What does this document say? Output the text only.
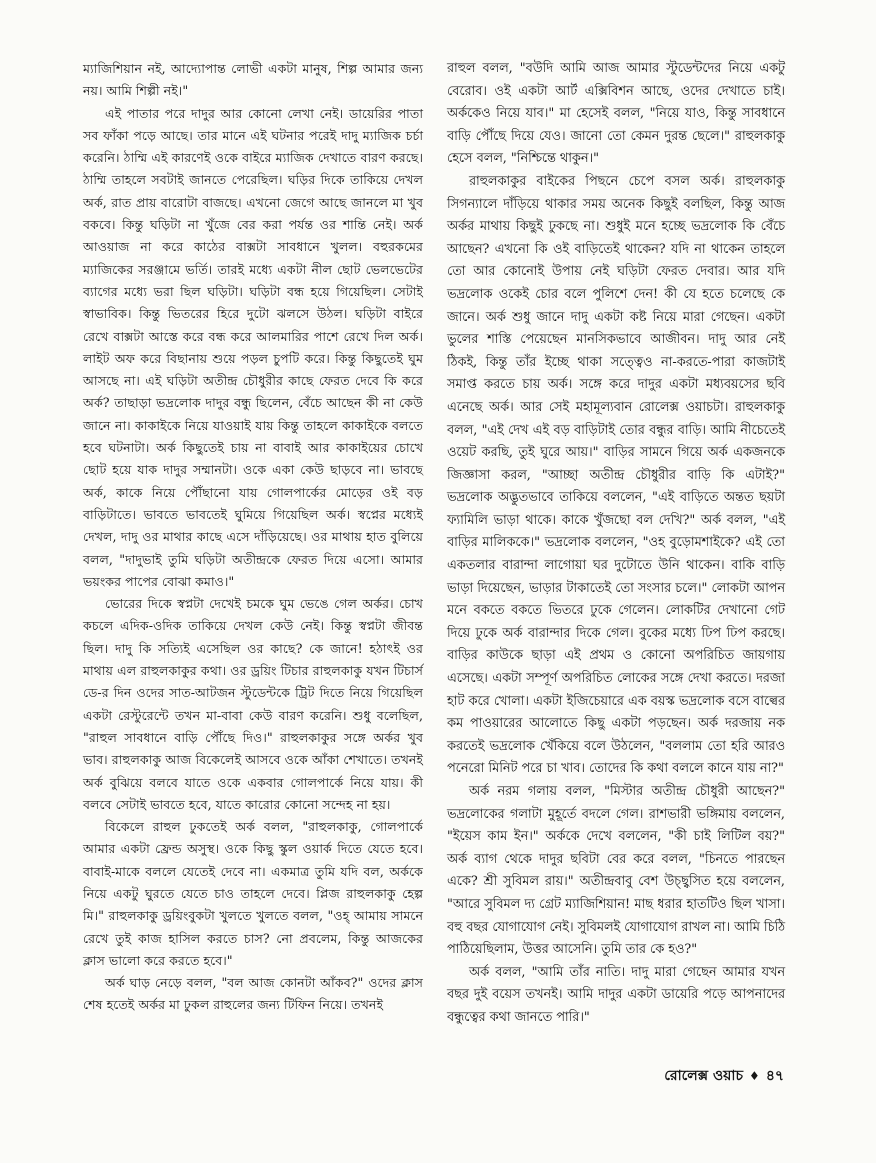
ম্যাজিশিয়ান নই, আদ্যোপান্ত লোভী একটা মানুষ, শিল্প আমার জন্য নয়। আমি শিল্পী নই।"

এই পাতার পরে দাদুর আর কোনো লেখা নেই। ডায়েরির পাতা সব ফাঁকা পড়ে আছে। তার মানে এই ঘটনার পরেই দাদু ম্যাজিক চর্চা করেনি। ঠাম্মি এই কারণেই ওকে বাইরে ম্যাজিক দেখাতে বারণ করছে। ঠাম্মি তাহলে সবটাই জানতে পেরেছিল। ঘড়ির দিকে তাকিয়ে দেখল অর্ক, রাত প্রায় বারোটা বাজছে। এখনো জেগে আছে জানলে মা খুব বকবে। কিন্তু ঘড়িটা না খুঁজে বের করা পর্যন্ত ওর শান্তি নেই। অর্ক আওয়াজ না করে কাঠের বাক্সটা সাবধানে খুলল। বহুরকমের ম্যাজিকের সরঞ্জামে ভর্তি। তারই মধ্যে একটা নীল ছোট ভেলভেটের ব্যাগের মধ্যে ভরা ছিল ঘড়িটা। ঘড়িটা বন্ধ হয়ে গিয়েছিল। সেটাই স্বাভাবিক। কিন্তু ভিতরের হিরে দুটো ঝলসে উঠল। ঘড়িটা বাইরে রেখে বাক্সটা আস্তে করে বন্ধ করে আলমারির পাশে রেখে দিল অর্ক। লাইট অফ করে বিছানায় শুয়ে পড়ল চুপটি করে। কিন্তু কিছুতেই ঘুম আসছে না। এই ঘড়িটা অতীন্দ্র চৌধুরীর কাছে ফেরত দেবে কি করে অর্ক? তাছাড়া ভদ্রলোক দাদুর বন্ধু ছিলেন, বেঁচে আছেন কী না কেউ জানে না। কাকাইকে নিয়ে যাওয়াই যায় কিন্তু তাহলে কাকাইকে বলতে হবে ঘটনাটা। অর্ক কিছুতেই চায় না বাবাই আর কাকাইয়ের চোখে ছোট হয়ে যাক দাদুর সম্মানটা। ওকে একা কেউ ছাড়বে না। ভাবছে অর্ক, কাকে নিয়ে পৌঁছানো যায় গোলপার্কের মোড়ের ওই বড় বাড়িটাতে। ভাবতে ভাবতেই ঘুমিয়ে গিয়েছিল অর্ক। স্বপ্নের মধ্যেই দেখল, দাদু ওর মাথার কাছে এসে দাঁড়িয়েছে। ওর মাথায় হাত বুলিয়ে বলল, "দাদুভাই তুমি ঘড়িটা অতীন্দ্রকে ফেরত দিয়ে এসো। আমার ভয়ংকর পাপের বোঝা কমাও।"

ভোরের দিকে স্বপ্নটা দেখেই চমকে ঘুম ভেঙে গেল অর্কর। চোখ কচলে এদিক-ওদিক তাকিয়ে দেখল কেউ নেই। কিন্তু স্বপ্নটা জীবন্ত ছিল। দাদু কি সত্যিই এসেছিল ওর কাছে? কে জানে! হঠাৎই ওর মাথায় এল রাহুলকাকুর কথা। ওর ড্রয়িং টিচার রাহুলকাকু যখন টিচার্স ডে-র দিন ওদের সাত-আটজন স্টুডেন্টকে ট্রিট দিতে নিয়ে গিয়েছিল একটা রেস্টুরেন্টে তখন মা-বাবা কেউ বারণ করেনি। শুধু বলেছিল, "রাহুল সাবধানে বাড়ি পৌঁছে দিও।" রাহুলকাকুর সঙ্গে অর্কর খুব ভাব। রাহুলকাকু আজ বিকেলেই আসবে ওকে আঁকা শেখাতে। তখনই অর্ক বুঝিয়ে বলবে যাতে ওকে একবার গোলপার্কে নিয়ে যায়। কী বলবে সেটাই ভাবতে হবে, যাতে কারোর কোনো সন্দেহ না হয়।

বিকেলে রাহুল ঢুকতেই অর্ক বলল, "রাহুলকাকু, গোলপার্কে আমার একটা ফ্রেন্ড অসুস্থ। ওকে কিছু স্কুল ওয়ার্ক দিতে যেতে হবে। বাবাই-মাকে বললে যেতেই দেবে না। একমাত্র তুমি যদি বল, অর্ককে নিয়ে একটু ঘুরতে যেতে চাও তাহলে দেবে। প্লিজ রাহুলকাকু হেল্প মি।" রাহুলকাকু ড্রয়িংবুকটা খুলতে খুলতে বলল, "ওহ্‌ আমায় সামনে রেখে তুই কাজ হাসিল করতে চাস? নো প্রবলেম, কিন্তু আজকের ক্লাস ভালো করে করতে হবে।"

অর্ক ঘাড় নেড়ে বলল, "বল আজ কোনটা আঁকব?" ওদের ক্লাস শেষ হতেই অর্কর মা ঢুকল রাহুলের জন্য টিফিন নিয়ে। তখনই

রাহুল বলল, "বউদি আমি আজ আমার স্টুডেন্টদের নিয়ে একটু বেরোব। ওই একটা আর্ট এক্সিবিশন আছে, ওদের দেখাতে চাই। অর্ককেও নিয়ে যাব।" মা হেসেই বলল, "নিয়ে যাও, কিন্তু সাবধানে বাড়ি পৌঁছে দিয়ে যেও। জানো তো কেমন দুরন্ত ছেলে।" রাহুলকাকু হেসে বলল, "নিশ্চিন্তে থাকুন।"

রাহুলকাকুর বাইকের পিছনে চেপে বসল অর্ক। রাহুলকাকু সিগন্যালে দাঁড়িয়ে থাকার সময় অনেক কিছুই বলছিল, কিন্তু আজ অর্কর মাথায় কিছুই ঢুকছে না। শুধুই মনে হচ্ছে ভদ্রলোক কি বেঁচে আছেন? এখনো কি ওই বাড়িতেই থাকেন? যদি না থাকেন তাহলে তো আর কোনোই উপায় নেই ঘড়িটা ফেরত দেবার। আর যদি ভদ্রলোক ওকেই চোর বলে পুলিশে দেন! কী যে হতে চলেছে কে জানে। অর্ক শুধু জানে দাদু একটা কষ্ট নিয়ে মারা গেছেন। একটা ভুলের শাস্তি পেয়েছেন মানসিকভাবে আজীবন। দাদু আর নেই ঠিকই, কিন্তু তাঁর ইচ্ছে থাকা সত্ত্বেও না-করতে-পারা কাজটাই সমাপ্ত করতে চায় অর্ক। সঙ্গে করে দাদুর একটা মধ্যবয়সের ছবি এনেছে অর্ক। আর সেই মহামূল্যবান রোলেক্স ওয়াচটা। রাহুলকাকু বলল, "এই দেখ এই বড় বাড়িটাই তোর বন্ধুর বাড়ি। আমি নীচেতেই ওয়েট করছি, তুই ঘুরে আয়।" বাড়ির সামনে গিয়ে অর্ক একজনকে জিজ্ঞাসা করল, "আচ্ছা অতীন্দ্র চৌধুরীর বাড়ি কি এটাই?" ভদ্রলোক অদ্ভুতভাবে তাকিয়ে বললেন, "এই বাড়িতে অন্তত ছয়টা ফ্যামিলি ভাড়া থাকে। কাকে খুঁজছো বল দেখি?" অর্ক বলল, "এই বাড়ির মালিককে।" ভদ্রলোক বললেন, "ওহ বুড়োমশাইকে? এই তো একতলার বারান্দা লাগোয়া ঘর দুটোতে উনি থাকেন। বাকি বাড়ি ভাড়া দিয়েছেন, ভাড়ার টাকাতেই তো সংসার চলে।" লোকটা আপন মনে বকতে বকতে ভিতরে ঢুকে গেলেন। লোকটির দেখানো গেট দিয়ে ঢুকে অর্ক বারান্দার দিকে গেল। বুকের মধ্যে ঢিপ ঢিপ করছে। বাড়ির কাউকে ছাড়া এই প্রথম ও কোনো অপরিচিত জায়গায় এসেছে। একটা সম্পূর্ণ অপরিচিত লোকের সঙ্গে দেখা করতে। দরজা হাট করে খোলা। একটা ইজিচেয়ারে এক বয়স্ক ভদ্রলোক বসে বাল্বের কম পাওয়ারের আলোতে কিছু একটা পড়ছেন। অর্ক দরজায় নক করতেই ভদ্রলোক খেঁকিয়ে বলে উঠলেন, "বললাম তো হরি আরও পনেরো মিনিট পরে চা খাব। তোদের কি কথা বললে কানে যায় না?"

অর্ক নরম গলায় বলল, "মিস্টার অতীন্দ্র চৌধুরী আছেন?" ভদ্রলোকের গলাটা মুহূর্তে বদলে গেল। রাশভারী ভঙ্গিমায় বললেন, "ইয়েস কাম ইন।" অর্ককে দেখে বললেন, "কী চাই লিটিল বয়?" অর্ক ব্যাগ থেকে দাদুর ছবিটা বের করে বলল, "চিনতে পারছেন একে? শ্রী সুবিমল রায়।" অতীন্দ্রবাবু বেশ উচ্ছ্বসিত হয়ে বললেন, "আরে সুবিমল দ্য গ্রেট ম্যাজিশিয়ান! মাছ ধরার হাতটিও ছিল খাসা। বহু বছর যোগাযোগ নেই। সুবিমলই যোগাযোগ রাখল না। আমি চিঠি পাঠিয়েছিলাম, উত্তর আসেনি। তুমি তার কে হও?"

অর্ক বলল, "আমি তাঁর নাতি। দাদু মারা গেছেন আমার যখন বছর দুই বয়েস তখনই। আমি দাদুর একটা ডায়েরি পড়ে আপনাদের বন্ধুত্বের কথা জানতে পারি।"

রোলেক্স ওয়াচ ♦ ৪৭
